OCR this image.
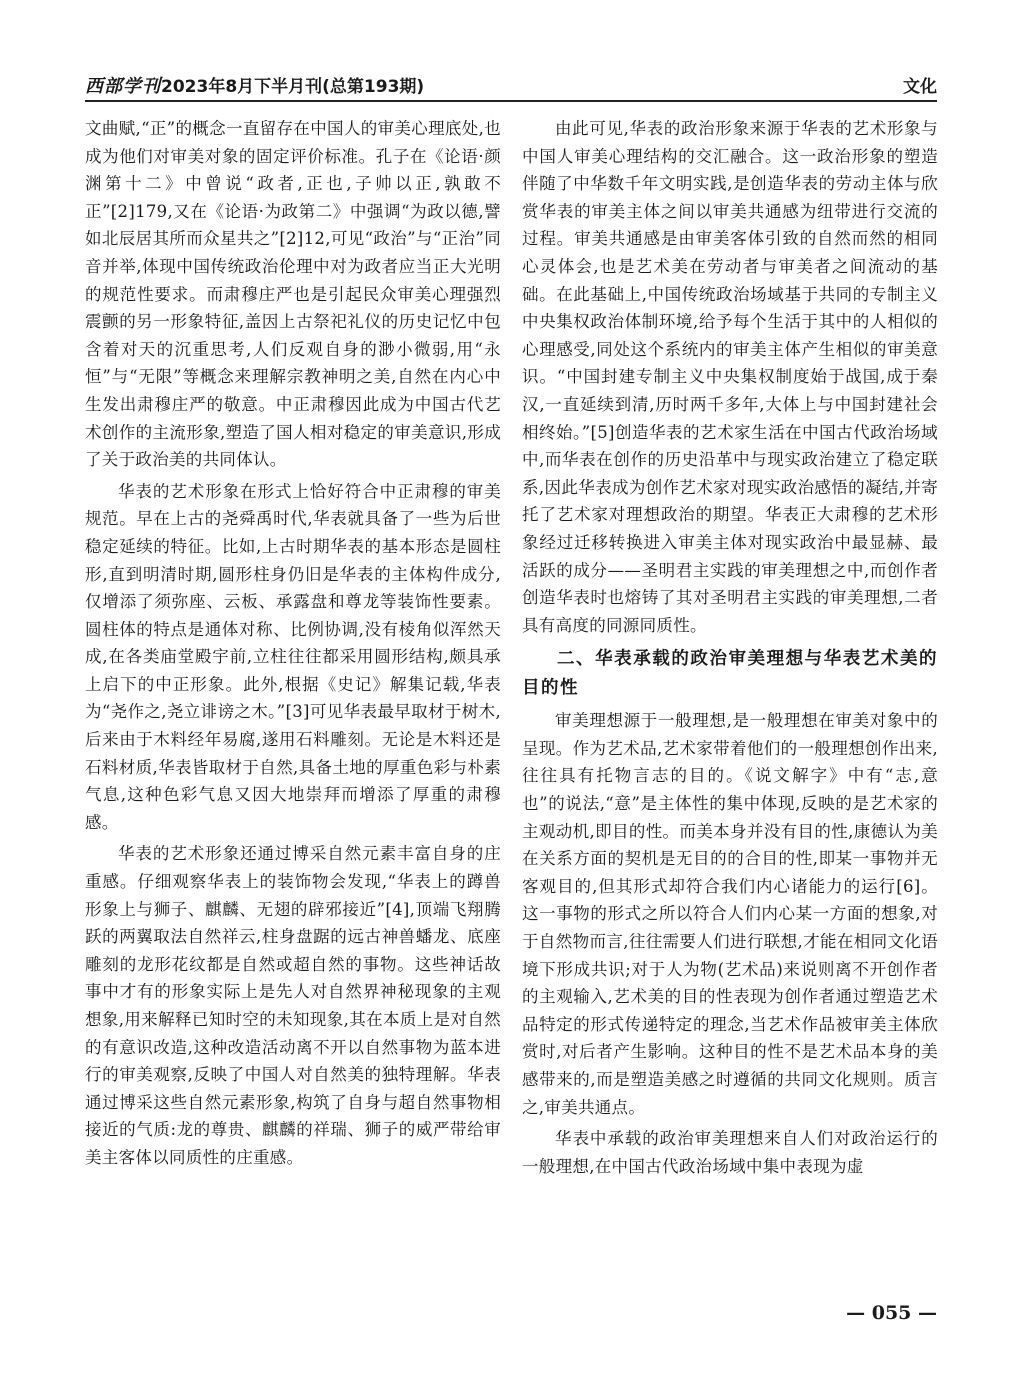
西部学刊2023年8月下半月刊(总第193期)	文化

文曲赋,“正”的概念一直留存在中国人的审美心理底处,也成为他们对审美对象的固定评价标准。孔子在《论语·颜渊第十二》中曾说“政者,正也,子帅以正,孰敢不正”[2]179,又在《论语·为政第二》中强调“为政以德,譬如北辰居其所而众星共之”[2]12,可见“政治”与“正治”同音并举,体现中国传统政治伦理中对为政者应当正大光明的规范性要求。而肃穆庄严也是引起民众审美心理强烈震颤的另一形象特征,盖因上古祭祀礼仪的历史记忆中包含着对天的沉重思考,人们反观自身的渺小微弱,用“永恒”与“无限”等概念来理解宗教神明之美,自然在内心中生发出肃穆庄严的敬意。中正肃穆因此成为中国古代艺术创作的主流形象,塑造了国人相对稳定的审美意识,形成了关于政治美的共同体认。

华表的艺术形象在形式上恰好符合中正肃穆的审美规范。早在上古的尧舜禹时代,华表就具备了一些为后世稳定延续的特征。比如,上古时期华表的基本形态是圆柱形,直到明清时期,圆形柱身仍旧是华表的主体构件成分,仅增添了须弥座、云板、承露盘和尊龙等装饰性要素。圆柱体的特点是通体对称、比例协调,没有棱角似浑然天成,在各类庙堂殿宇前,立柱往往都采用圆形结构,颇具承上启下的中正形象。此外,根据《史记》解集记载,华表为“尧作之,尧立诽谤之木。”[3]可见华表最早取材于树木,后来由于木料经年易腐,遂用石料雕刻。无论是木料还是石料材质,华表皆取材于自然,具备土地的厚重色彩与朴素气息,这种色彩气息又因大地崇拜而增添了厚重的肃穆感。

华表的艺术形象还通过博采自然元素丰富自身的庄重感。仔细观察华表上的装饰物会发现,“华表上的蹲兽形象上与狮子、麒麟、无翅的辟邪接近”[4],顶端飞翔腾跃的两翼取法自然祥云,柱身盘踞的远古神兽蟠龙、底座雕刻的龙形花纹都是自然或超自然的事物。这些神话故事中才有的形象实际上是先人对自然界神秘现象的主观想象,用来解释已知时空的未知现象,其在本质上是对自然的有意识改造,这种改造活动离不开以自然事物为蓝本进行的审美观察,反映了中国人对自然美的独特理解。华表通过博采这些自然元素形象,构筑了自身与超自然事物相接近的气质:龙的尊贵、麒麟的祥瑞、狮子的威严带给审美主客体以同质性的庄重感。

由此可见,华表的政治形象来源于华表的艺术形象与中国人审美心理结构的交汇融合。这一政治形象的塑造伴随了中华数千年文明实践,是创造华表的劳动主体与欣赏华表的审美主体之间以审美共通感为纽带进行交流的过程。审美共通感是由审美客体引致的自然而然的相同心灵体会,也是艺术美在劳动者与审美者之间流动的基础。在此基础上,中国传统政治场域基于共同的专制主义中央集权政治体制环境,给予每个生活于其中的人相似的心理感受,同处这个系统内的审美主体产生相似的审美意识。“中国封建专制主义中央集权制度始于战国,成于秦汉,一直延续到清,历时两千多年,大体上与中国封建社会相终始。”[5]创造华表的艺术家生活在中国古代政治场域中,而华表在创作的历史沿革中与现实政治建立了稳定联系,因此华表成为创作艺术家对现实政治感悟的凝结,并寄托了艺术家对理想政治的期望。华表正大肃穆的艺术形象经过迁移转换进入审美主体对现实政治中最显赫、最活跃的成分——圣明君主实践的审美理想之中,而创作者创造华表时也熔铸了其对圣明君主实践的审美理想,二者具有高度的同源同质性。

二、华表承载的政治审美理想与华表艺术美的目的性

审美理想源于一般理想,是一般理想在审美对象中的呈现。作为艺术品,艺术家带着他们的一般理想创作出来,往往具有托物言志的目的。《说文解字》中有“志,意也”的说法,“意”是主体性的集中体现,反映的是艺术家的主观动机,即目的性。而美本身并没有目的性,康德认为美在关系方面的契机是无目的的合目的性,即某一事物并无客观目的,但其形式却符合我们内心诸能力的运行[6]。这一事物的形式之所以符合人们内心某一方面的想象,对于自然物而言,往往需要人们进行联想,才能在相同文化语境下形成共识;对于人为物(艺术品)来说则离不开创作者的主观输入,艺术美的目的性表现为创作者通过塑造艺术品特定的形式传递特定的理念,当艺术作品被审美主体欣赏时,对后者产生影响。这种目的性不是艺术品本身的美感带来的,而是塑造美感之时遵循的共同文化规则。质言之,审美共通点。

华表中承载的政治审美理想来自人们对政治运行的一般理想,在中国古代政治场域中集中表现为虚

— 055 —
